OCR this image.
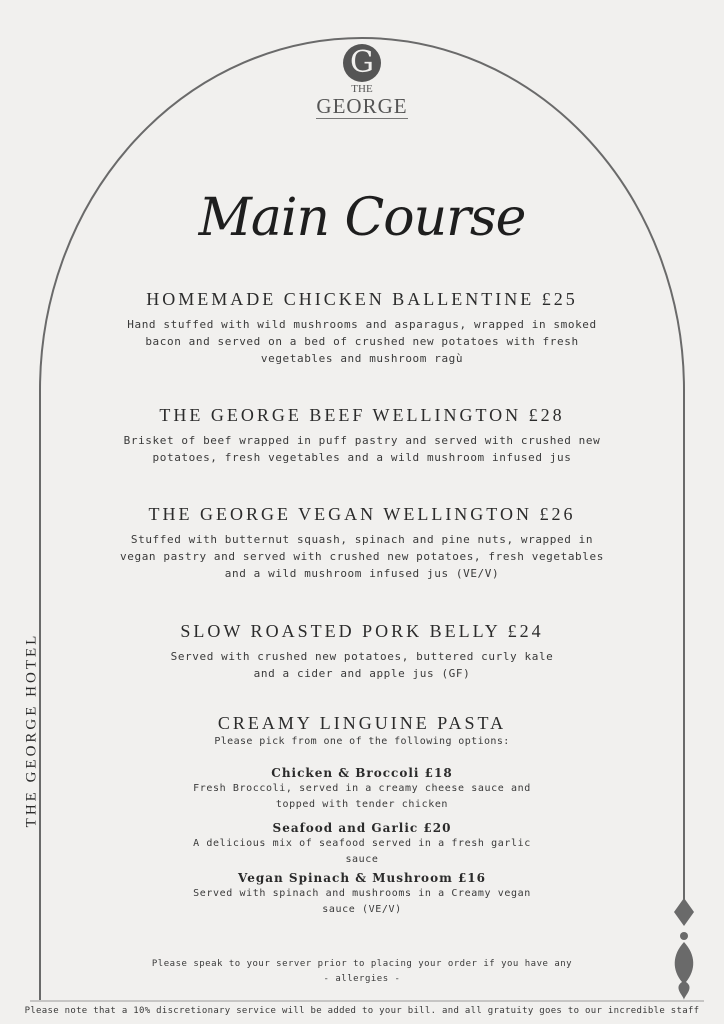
G
THE
GEORGE
Main Course
HOMEMADE CHICKEN BALLENTINE £25
Hand stuffed with wild mushrooms and asparagus, wrapped in smoked
bacon and served on a bed of crushed new potatoes with fresh
vegetables and mushroom ragù
THE GEORGE BEEF WELLINGTON £28
Brisket of beef wrapped in puff pastry and served with crushed new
potatoes, fresh vegetables and a wild mushroom infused jus
THE GEORGE VEGAN WELLINGTON £26
Stuffed with butternut squash, spinach and pine nuts, wrapped in
vegan pastry and served with crushed new potatoes, fresh vegetables
and a wild mushroom infused jus (VE/V)
SLOW ROASTED PORK BELLY £24
Served with crushed new potatoes, buttered curly kale
and a cider and apple jus (GF)
CREAMY LINGUINE PASTA
Please pick from one of the following options:
Chicken & Broccoli £18
Fresh Broccoli, served in a creamy cheese sauce and
topped with tender chicken
Seafood and Garlic £20
A delicious mix of seafood served in a fresh garlic
sauce
Vegan Spinach & Mushroom £16
Served with spinach and mushrooms in a Creamy vegan
sauce (VE/V)
THE GEORGE HOTEL
Please speak to your server prior to placing your order if you have any
- allergies -
Please note that a 10% discretionary service will be added to your bill. and all gratuity goes to our incredible staff
